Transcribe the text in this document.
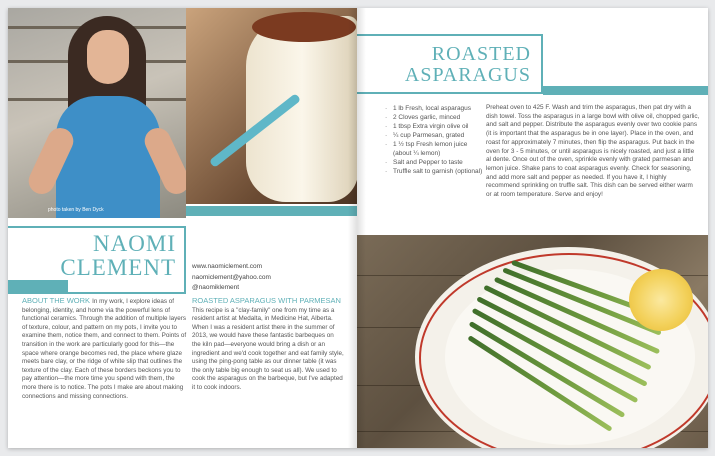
photo taken by Ben Dyck
NAOMI
CLEMENT www.naomiclement.com
naomiclement@yahoo.com
@naomiklement
ABOUT THE WORK In my work, I explore ideas of belonging, identity, and home via the powerful lens of functional ceramics. Through the addition of multiple layers of texture, colour, and pattern on my pots, I invite you to examine them, notice them, and connect to them. Points of transition in the work are particularly good for this—the space where orange becomes red, the place where glaze meets bare clay, or the ridge of white slip that outlines the texture of the clay. Each of these borders beckons you to pay attention—the more time you spend with them, the more there is to notice. The pots I make are about making connections and missing connections.
ROASTED ASPARAGUS WITH PARMESAN This recipe is a "clay-family" one from my time as a resident artist at Medalta, in Medicine Hat, Alberta. When I was a resident artist there in the summer of 2013, we would have these fantastic barbeques on the kiln pad—everyone would bring a dish or an ingredient and we'd cook together and eat family style, using the ping-pong table as our dinner table (it was the only table big enough to seat us all). We used to cook the asparagus on the barbeque, but I've adapted it to cook indoors.
ROASTED
ASPARAGUS
· 1 lb Fresh, local asparagus
· 2 Cloves garlic, minced
· 1 tbsp Extra virgin olive oil
· ¼ cup Parmesan, grated
· 1 ½ tsp Fresh lemon juice (about ¼ lemon)
· Salt and Pepper to taste
· Truffle salt to garnish (optional)
Preheat oven to 425 F. Wash and trim the asparagus, then pat dry with a dish towel. Toss the asparagus in a large bowl with olive oil, chopped garlic, and salt and pepper. Distribute the asparagus evenly over two cookie pans (it is important that the asparagus be in one layer). Place in the oven, and roast for approximately 7 minutes, then flip the asparagus. Put back in the oven for 3 - 5 minutes, or until asparagus is nicely roasted, and just a little al dente. Once out of the oven, sprinkle evenly with grated parmesan and lemon juice. Shake pans to coat asparagus evenly. Check for seasoning, and add more salt and pepper as needed. If you have it, I highly recommend sprinkling on truffle salt. This dish can be served either warm or at room temperature. Serve and enjoy!
